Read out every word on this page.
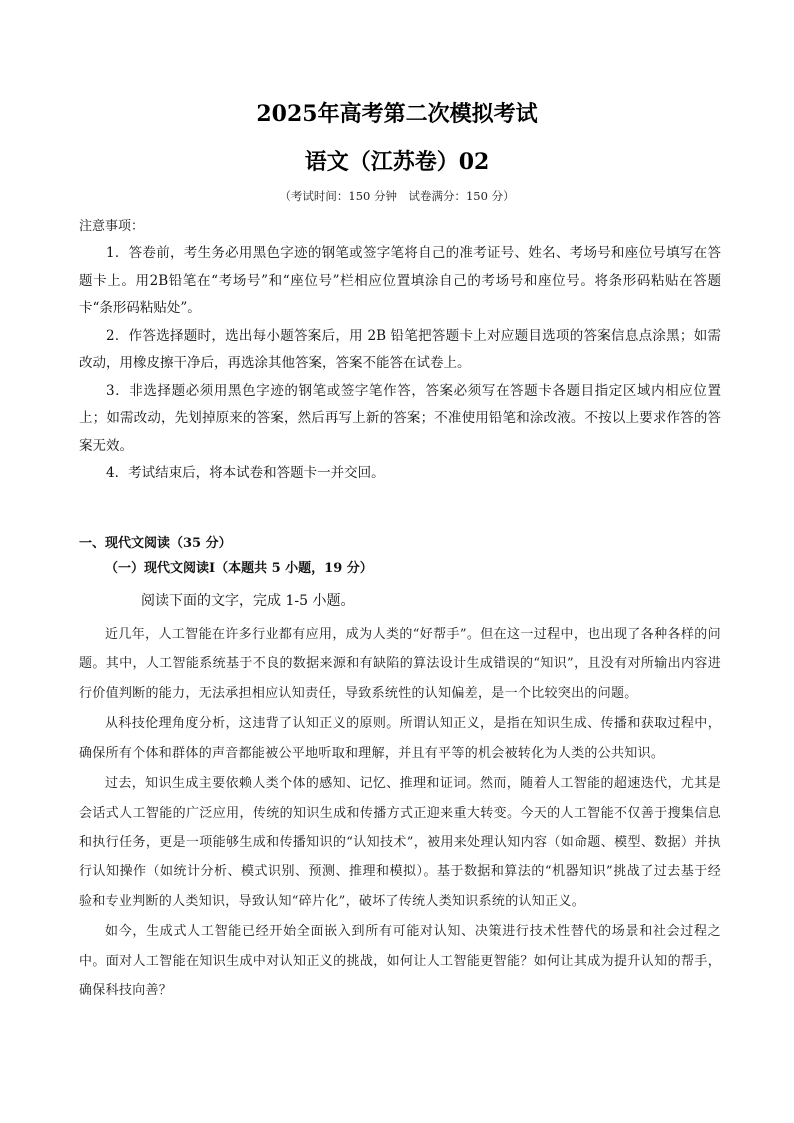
2025年高考第二次模拟考试
语文（江苏卷）02
（考试时间：150 分钟　试卷满分：150 分）
注意事项：

1．答卷前，考生务必用黑色字迹的钢笔或签字笔将自己的准考证号、姓名、考场号和座位号填写在答题卡上。用2B铅笔在“考场号”和“座位号”栏相应位置填涂自己的考场号和座位号。将条形码粘贴在答题卡“条形码粘贴处”。

2．作答选择题时，选出每小题答案后，用 2B 铅笔把答题卡上对应题目选项的答案信息点涂黑；如需改动，用橡皮擦干净后，再选涂其他答案，答案不能答在试卷上。

3．非选择题必须用黑色字迹的钢笔或签字笔作答，答案必须写在答题卡各题目指定区域内相应位置上；如需改动，先划掉原来的答案，然后再写上新的答案；不准使用铅笔和涂改液。不按以上要求作答的答案无效。

4．考试结束后，将本试卷和答题卡一并交回。

一、现代文阅读（35 分）
（一）现代文阅读Ⅰ（本题共 5 小题，19 分）
阅读下面的文字，完成 1-5 小题。

近几年，人工智能在许多行业都有应用，成为人类的“好帮手”。但在这一过程中，也出现了各种各样的问题。其中，人工智能系统基于不良的数据来源和有缺陷的算法设计生成错误的“知识”，且没有对所输出内容进行价值判断的能力，无法承担相应认知责任，导致系统性的认知偏差，是一个比较突出的问题。

从科技伦理角度分析，这违背了认知正义的原则。所谓认知正义，是指在知识生成、传播和获取过程中，确保所有个体和群体的声音都能被公平地听取和理解，并且有平等的机会被转化为人类的公共知识。

过去，知识生成主要依赖人类个体的感知、记忆、推理和证词。然而，随着人工智能的超速迭代，尤其是会话式人工智能的广泛应用，传统的知识生成和传播方式正迎来重大转变。今天的人工智能不仅善于搜集信息和执行任务，更是一项能够生成和传播知识的“认知技术”，被用来处理认知内容（如命题、模型、数据）并执行认知操作（如统计分析、模式识别、预测、推理和模拟）。基于数据和算法的“机器知识”挑战了过去基于经验和专业判断的人类知识，导致认知“碎片化”，破坏了传统人类知识系统的认知正义。

如今，生成式人工智能已经开始全面嵌入到所有可能对认知、决策进行技术性替代的场景和社会过程之中。面对人工智能在知识生成中对认知正义的挑战，如何让人工智能更智能？如何让其成为提升认知的帮手，确保科技向善？
